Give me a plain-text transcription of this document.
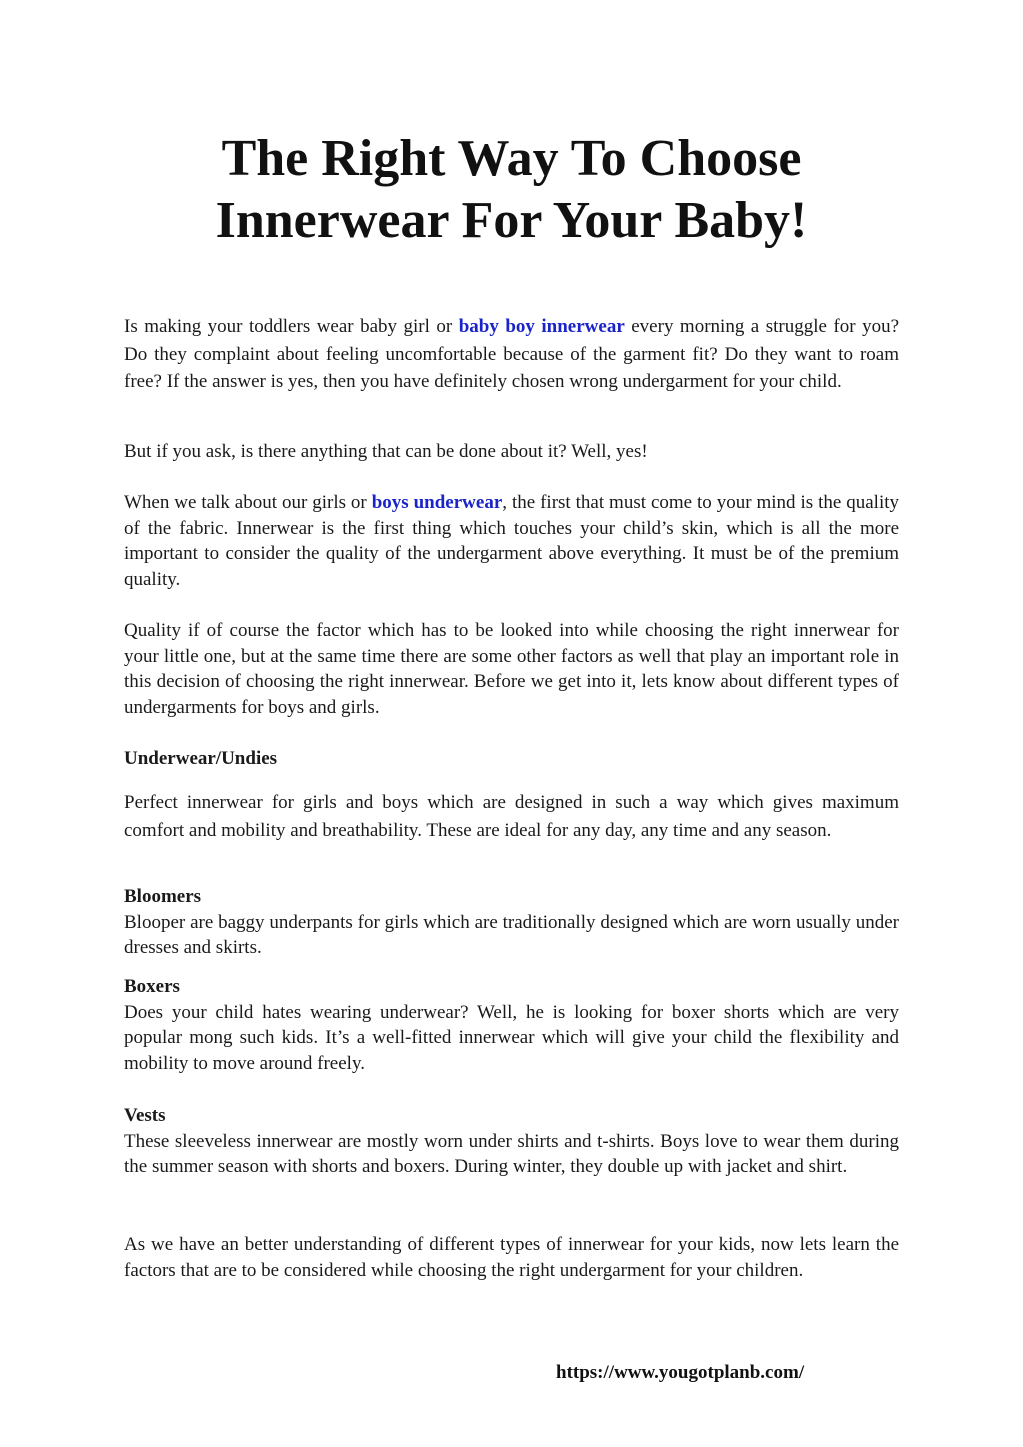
The Right Way To Choose
Innerwear For Your Baby!

Is making your toddlers wear baby girl or baby boy innerwear every morning a struggle for you? Do they complaint about feeling uncomfortable because of the garment fit? Do they want to roam free? If the answer is yes, then you have definitely chosen wrong undergarment for your child.

But if you ask, is there anything that can be done about it? Well, yes!

When we talk about our girls or boys underwear, the first that must come to your mind is the quality of the fabric. Innerwear is the first thing which touches your child’s skin, which is all the more important to consider the quality of the undergarment above everything. It must be of the premium quality.

Quality if of course the factor which has to be looked into while choosing the right innerwear for your little one, but at the same time there are some other factors as well that play an important role in this decision of choosing the right innerwear. Before we get into it, lets know about different types of undergarments for boys and girls.

Underwear/Undies

Perfect innerwear for girls and boys which are designed in such a way which gives maximum comfort and mobility and breathability. These are ideal for any day, any time and any season.

Bloomers
Blooper are baggy underpants for girls which are traditionally designed which are worn usually under dresses and skirts.

Boxers
Does your child hates wearing underwear? Well, he is looking for boxer shorts which are very popular mong such kids. It’s a well-fitted innerwear which will give your child the flexibility and mobility to move around freely.

Vests
These sleeveless innerwear are mostly worn under shirts and t-shirts. Boys love to wear them during the summer season with shorts and boxers. During winter, they double up with jacket and shirt.

As we have an better understanding of different types of innerwear for your kids, now lets learn the factors that are to be considered while choosing the right undergarment for your children.

https://www.yougotplanb.com/
